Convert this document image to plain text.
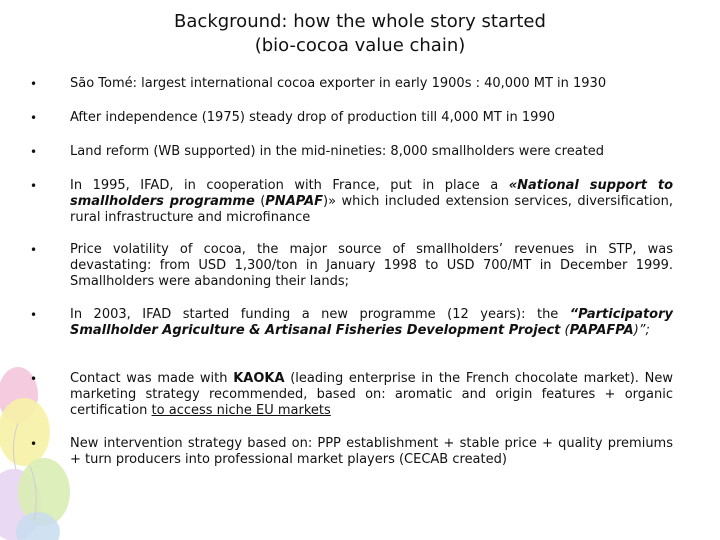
Background: how the whole story started
(bio-cocoa value chain)
•	São Tomé: largest international cocoa exporter in early 1900s : 40,000 MT in 1930
•	After independence (1975) steady drop of production till 4,000 MT in 1990
•	Land reform (WB supported) in the mid-nineties: 8,000 smallholders were created
•	In 1995, IFAD, in cooperation with France, put in place a «National support to smallholders programme (PNAPAF)» which included extension services, diversification, rural infrastructure and microfinance
•	Price volatility of cocoa, the major source of smallholders’ revenues in STP, was devastating: from USD 1,300/ton in January 1998 to USD 700/MT in December 1999. Smallholders were abandoning their lands;
•	In 2003, IFAD started funding a new programme (12 years): the “Participatory Smallholder Agriculture & Artisanal Fisheries Development Project (PAPAFPA)”;
•	Contact was made with KAOKA (leading enterprise in the French chocolate market). New marketing strategy recommended, based on: aromatic and origin features + organic certification to access niche EU markets
•	New intervention strategy based on: PPP establishment + stable price + quality premiums + turn producers into professional market players (CECAB created)
